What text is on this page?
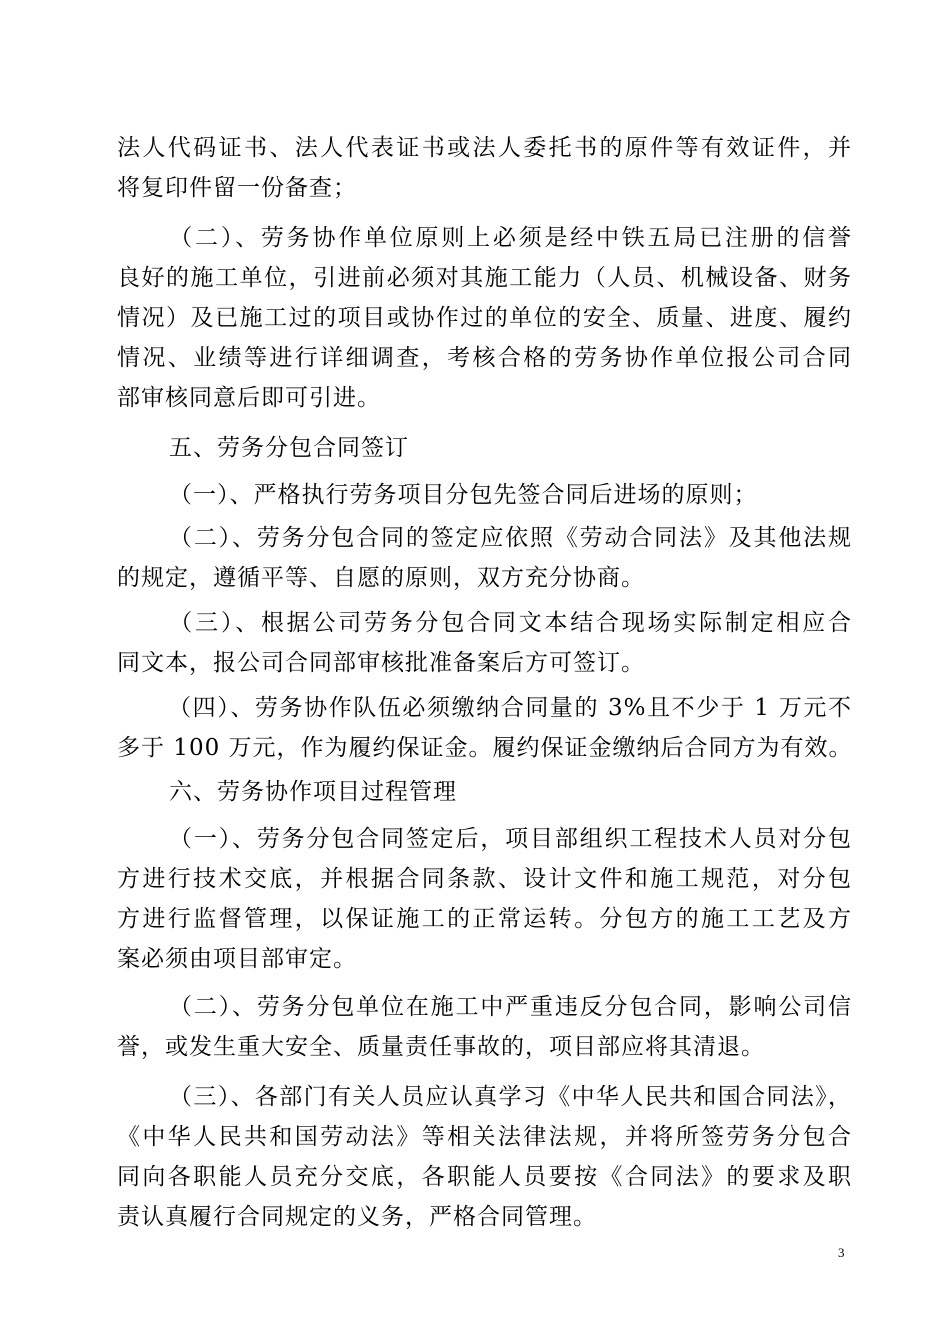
法人代码证书、法人代表证书或法人委托书的原件等有效证件，并
将复印件留一份备查；
　（二）、劳务协作单位原则上必须是经中铁五局已注册的信誉
良好的施工单位，引进前必须对其施工能力（人员、机械设备、财务
情况）及已施工过的项目或协作过的单位的安全、质量、进度、履约
情况、业绩等进行详细调查，考核合格的劳务协作单位报公司合同
部审核同意后即可引进。
五、劳务分包合同签订
（一）、严格执行劳务项目分包先签合同后进场的原则；
（二）、劳务分包合同的签定应依照《劳动合同法》及其他法规
的规定，遵循平等、自愿的原则，双方充分协商。
　（三）、根据公司劳务分包合同文本结合现场实际制定相应合
同文本，报公司合同部审核批准备案后方可签订。
　（四）、劳务协作队伍必须缴纳合同量的 3%且不少于 1 万元不
多于 100 万元，作为履约保证金。履约保证金缴纳后合同方为有效。
六、劳务协作项目过程管理
（一）、劳务分包合同签定后，项目部组织工程技术人员对分包
方进行技术交底，并根据合同条款、设计文件和施工规范，对分包
方进行监督管理，以保证施工的正常运转。分包方的施工工艺及方
案必须由项目部审定。
（二）、劳务分包单位在施工中严重违反分包合同，影响公司信
誉，或发生重大安全、质量责任事故的，项目部应将其清退。
（三）、各部门有关人员应认真学习《中华人民共和国合同法》，
《中华人民共和国劳动法》等相关法律法规，并将所签劳务分包合
同向各职能人员充分交底，各职能人员要按《合同法》的要求及职
责认真履行合同规定的义务，严格合同管理。
3
